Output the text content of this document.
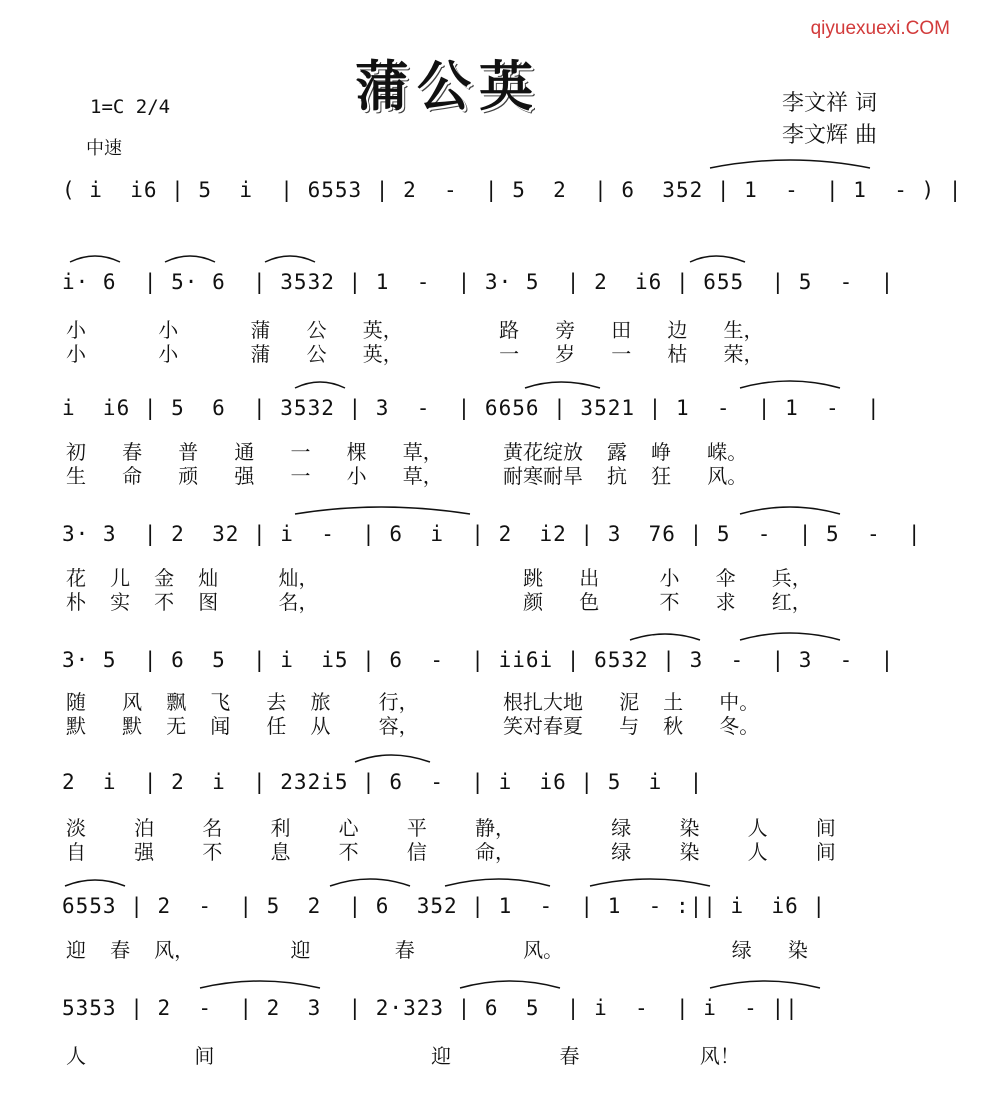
qiyuexuexi.COM
蒲公英	李文祥 词
李文辉 曲
1=C 2/4
中速
( i  i6 | 5  i  | 6553 | 2  -  | 5  2  | 6  352 | 1  -  | 1  - ) |
i· 6  | 5· 6  | 3532 | 1  -  | 3· 5  | 2  i6 | 655  | 5  -  |
小      小      蒲   公   英，        路   旁   田   边   生，
小      小      蒲   公   英，        一   岁   一   枯   荣，
i  i6 | 5  6  | 3532 | 3  -  | 6656 | 3521 | 1  -  | 1  -  |
初   春   普   通   一   棵   草，     黄花绽放  露  峥   嵘。
生   命   顽   强   一   小   草，     耐寒耐旱  抗  狂   风。
3· 3  | 2  32 | i  -  | 6  i  | 2  i2 | 3  76 | 5  -  | 5  -  |
花  儿  金  灿     灿，                 跳   出     小   伞   兵，
朴  实  不  图     名，                 颜   色     不   求   红，
3· 5  | 6  5  | i  i5 | 6  -  | ii6i | 6532 | 3  -  | 3  -  |
随   风  飘  飞   去  旅    行，       根扎大地   泥  土   中。
默   默  无  闻   任  从    容，       笑对春夏   与  秋   冬。
2  i  | 2  i  | 232i5 | 6  -  | i  i6 | 5  i  |
淡    泊    名    利    心    平    静，        绿    染    人    间
自    强    不    息    不    信    命，        绿    染    人    间
6553 | 2  -  | 5  2  | 6  352 | 1  -  | 1  - :|| i  i6 |
迎  春  风，        迎       春         风。              绿   染
5353 | 2  -  | 2  3  | 2·323 | 6  5  | i  -  | i  - ||
人         间                  迎         春          风！
